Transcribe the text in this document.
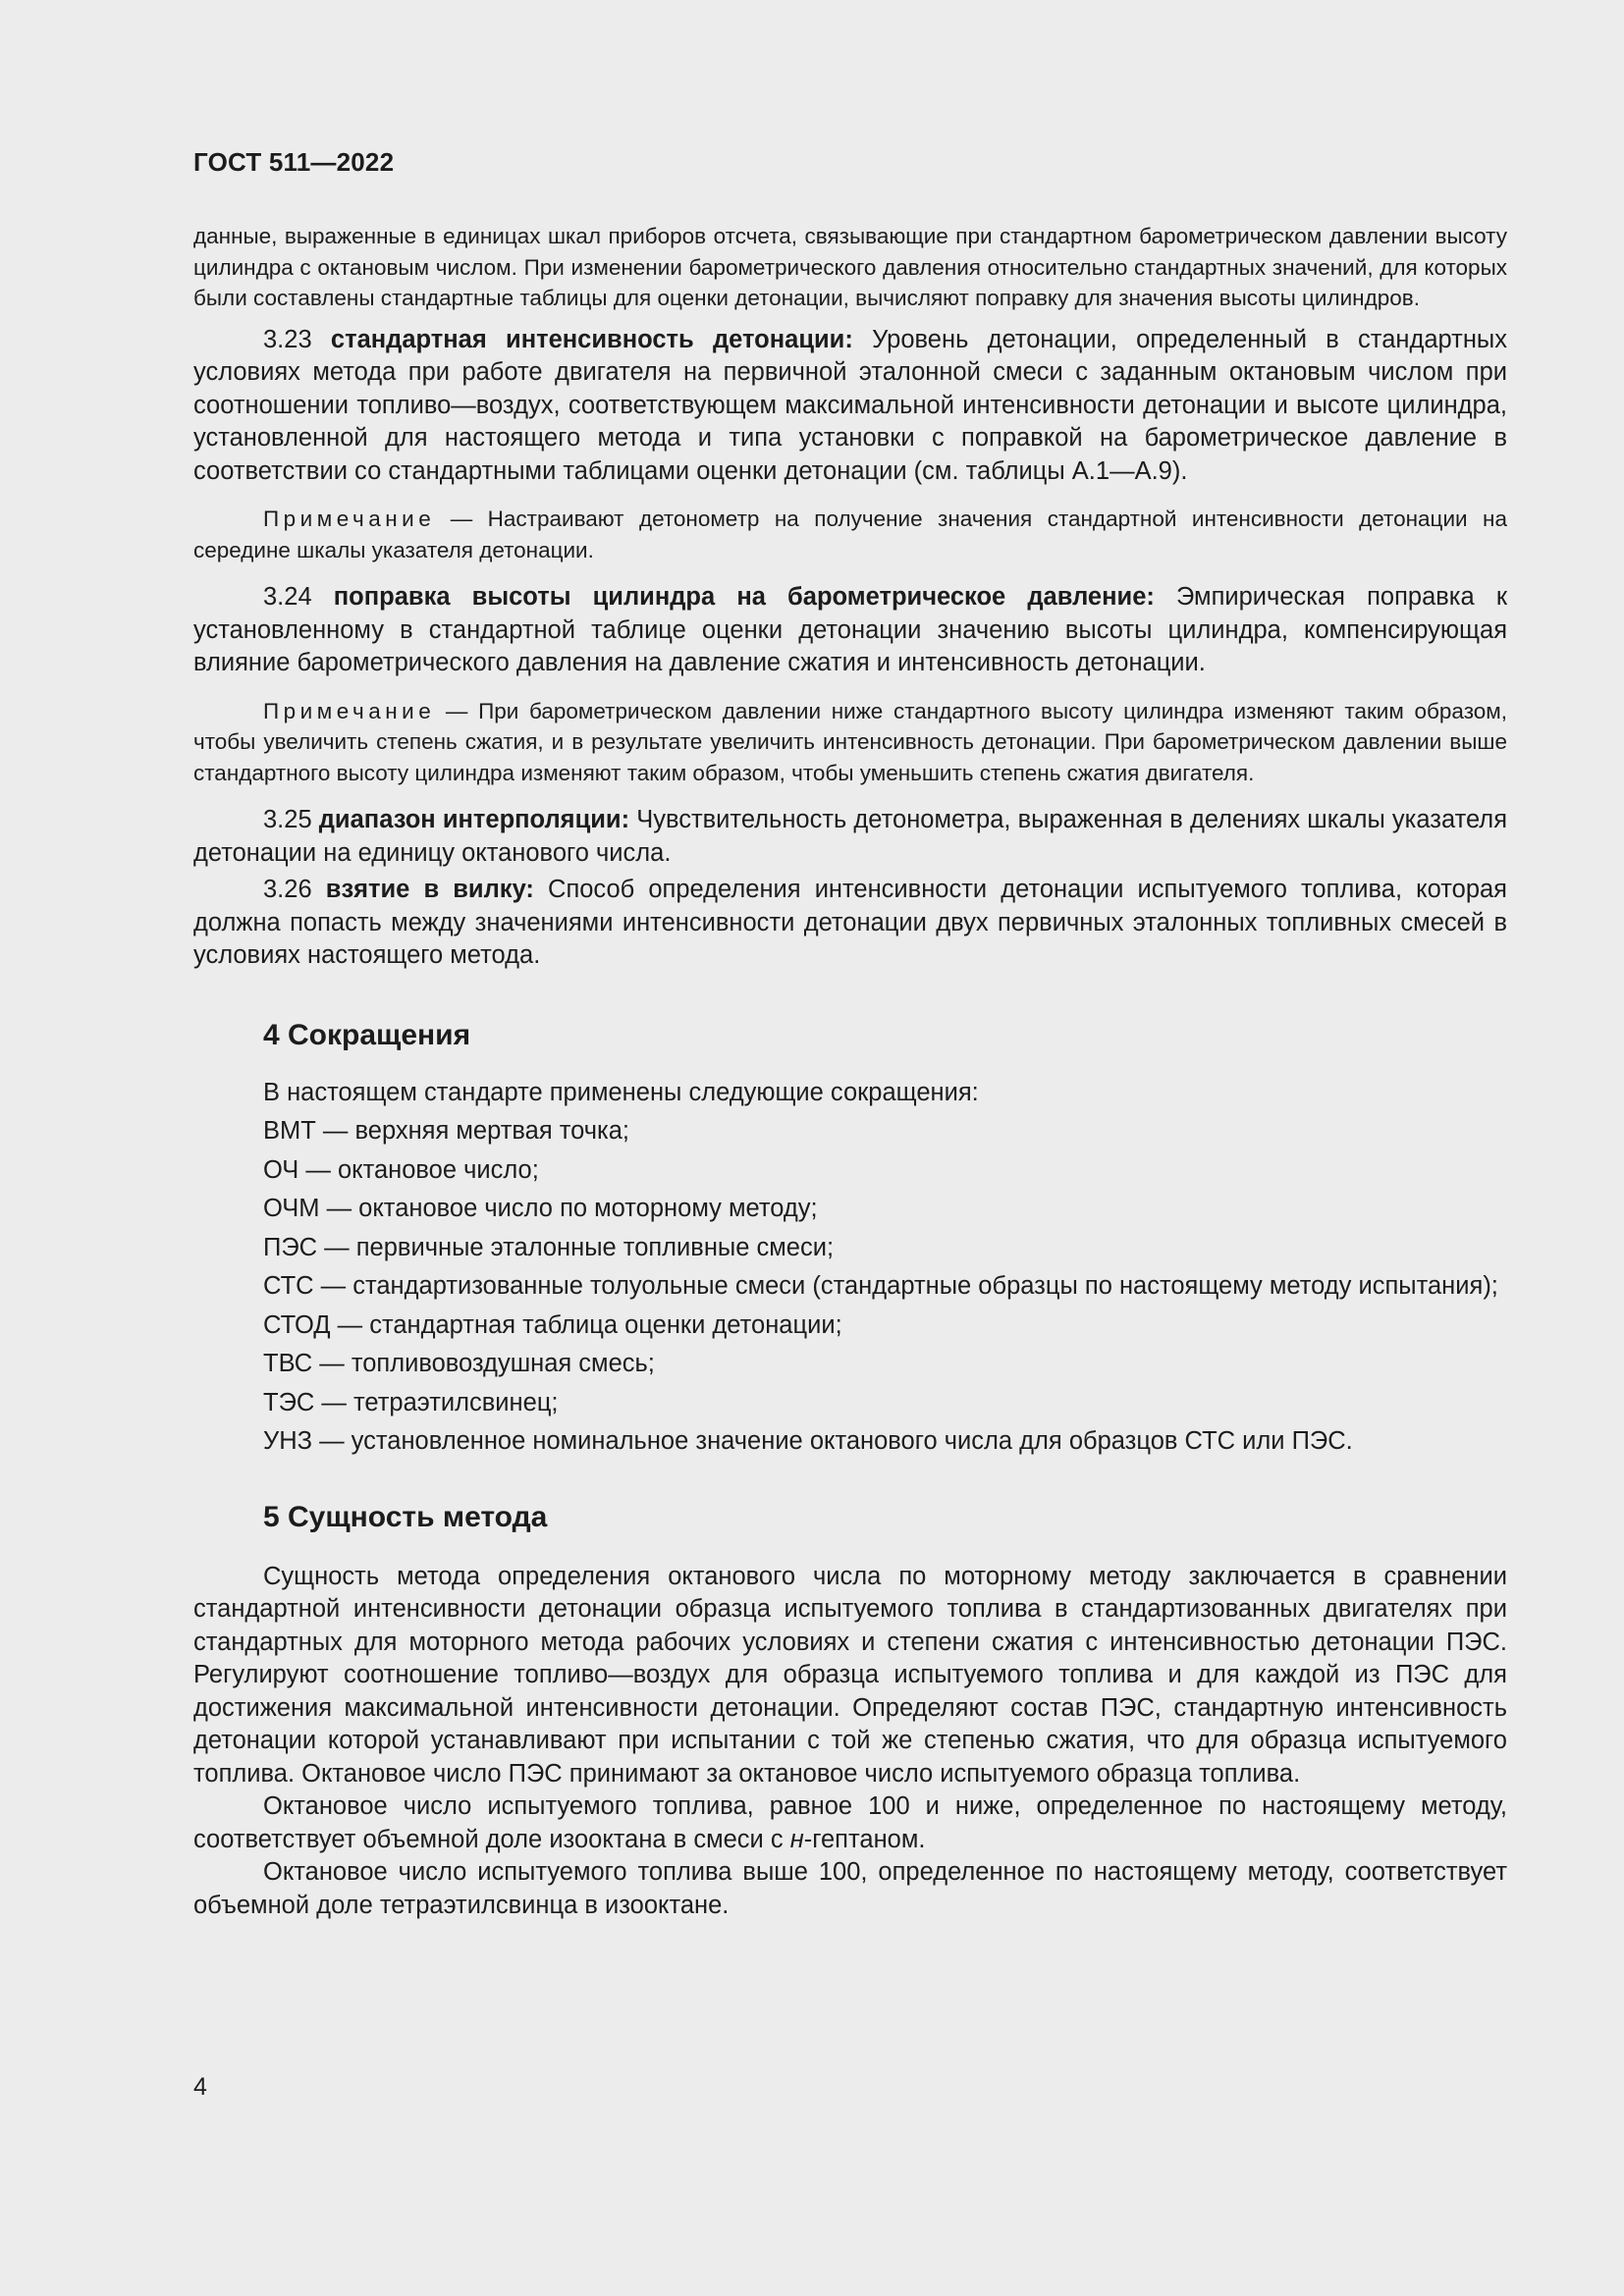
ГОСТ 511—2022

данные, выраженные в единицах шкал приборов отсчета, связывающие при стандартном барометрическом давлении высоту цилиндра с октановым числом. При изменении барометрического давления относительно стандартных значений, для которых были составлены стандартные таблицы для оценки детонации, вычисляют поправку для значения высоты цилиндров.

3.23 стандартная интенсивность детонации: Уровень детонации, определенный в стандартных условиях метода при работе двигателя на первичной эталонной смеси с заданным октановым числом при соотношении топливо—воздух, соответствующем максимальной интенсивности детонации и высоте цилиндра, установленной для настоящего метода и типа установки с поправкой на барометрическое давление в соответствии со стандартными таблицами оценки детонации (см. таблицы А.1—А.9).

Примечание — Настраивают детонометр на получение значения стандартной интенсивности детонации на середине шкалы указателя детонации.

3.24 поправка высоты цилиндра на барометрическое давление: Эмпирическая поправка к установленному в стандартной таблице оценки детонации значению высоты цилиндра, компенсирующая влияние барометрического давления на давление сжатия и интенсивность детонации.

Примечание — При барометрическом давлении ниже стандартного высоту цилиндра изменяют таким образом, чтобы увеличить степень сжатия, и в результате увеличить интенсивность детонации. При барометрическом давлении выше стандартного высоту цилиндра изменяют таким образом, чтобы уменьшить степень сжатия двигателя.

3.25 диапазон интерполяции: Чувствительность детонометра, выраженная в делениях шкалы указателя детонации на единицу октанового числа.

3.26 взятие в вилку: Способ определения интенсивности детонации испытуемого топлива, которая должна попасть между значениями интенсивности детонации двух первичных эталонных топливных смесей в условиях настоящего метода.

4 Сокращения

В настоящем стандарте применены следующие сокращения:

ВМТ — верхняя мертвая точка;

ОЧ — октановое число;

ОЧМ — октановое число по моторному методу;

ПЭС — первичные эталонные топливные смеси;

СТС — стандартизованные толуольные смеси (стандартные образцы по настоящему методу испытания);

СТОД — стандартная таблица оценки детонации;

ТВС — топливовоздушная смесь;

ТЭС — тетраэтилсвинец;

УНЗ — установленное номинальное значение октанового числа для образцов СТС или ПЭС.

5 Сущность метода

Сущность метода определения октанового числа по моторному методу заключается в сравнении стандартной интенсивности детонации образца испытуемого топлива в стандартизованных двигателях при стандартных для моторного метода рабочих условиях и степени сжатия с интенсивностью детонации ПЭС. Регулируют соотношение топливо—воздух для образца испытуемого топлива и для каждой из ПЭС для достижения максимальной интенсивности детонации. Определяют состав ПЭС, стандартную интенсивность детонации которой устанавливают при испытании с той же степенью сжатия, что для образца испытуемого топлива. Октановое число ПЭС принимают за октановое число испытуемого образца топлива.

Октановое число испытуемого топлива, равное 100 и ниже, определенное по настоящему методу, соответствует объемной доле изооктана в смеси с н-гептаном.

Октановое число испытуемого топлива выше 100, определенное по настоящему методу, соответствует объемной доле тетраэтилсвинца в изооктане.

4
